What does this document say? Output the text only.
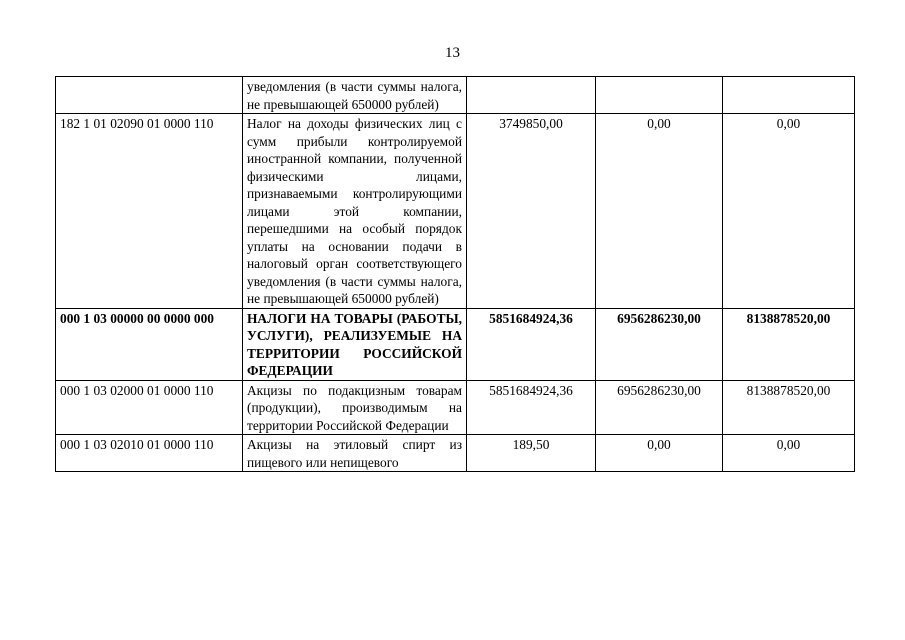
13
	уведомления (в части суммы налога, не превышающей 650000 рублей)			
182 1 01 02090 01 0000 110	Налог на доходы физических лиц с сумм прибыли контролируемой иностранной компании, полученной физическими лицами, признаваемыми контролирующими лицами этой компании, перешедшими на особый порядок уплаты на основании подачи в налоговый орган соответствующего уведомления (в части суммы налога, не превышающей 650000 рублей)	3749850,00	0,00	0,00
000 1 03 00000 00 0000 000	НАЛОГИ НА ТОВАРЫ (РАБОТЫ, УСЛУГИ), РЕАЛИЗУЕМЫЕ НА ТЕРРИТОРИИ РОССИЙСКОЙ ФЕДЕРАЦИИ	5851684924,36	6956286230,00	8138878520,00
000 1 03 02000 01 0000 110	Акцизы по подакцизным товарам (продукции), производимым на территории Российской Федерации	5851684924,36	6956286230,00	8138878520,00
000 1 03 02010 01 0000 110	Акцизы на этиловый спирт из пищевого или непищевого	189,50	0,00	0,00
